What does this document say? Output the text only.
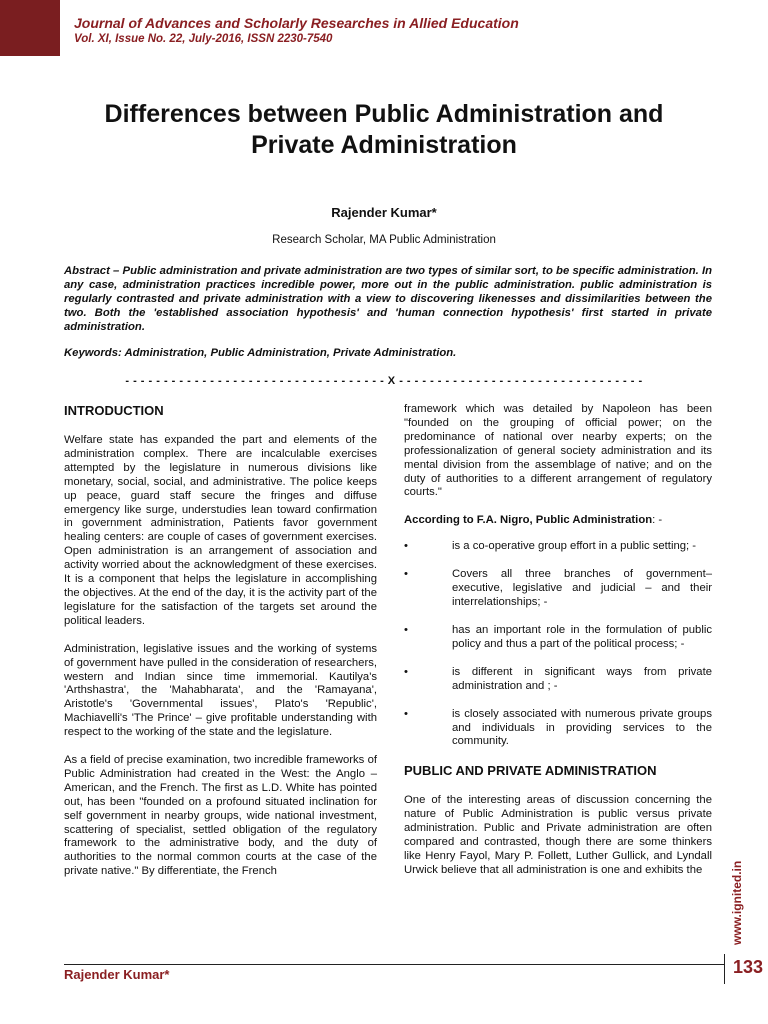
Journal of Advances and Scholarly Researches in Allied Education
Vol. XI, Issue No. 22, July-2016, ISSN 2230-7540
Differences between Public Administration and
Private Administration
Rajender Kumar*
Research Scholar, MA Public Administration

Abstract – Public administration and private administration are two types of similar sort, to be specific administration. In any case, administration practices incredible power, more out in the public administration. public administration is regularly contrasted and private administration with a view to discovering likenesses and dissimilarities between the two. Both the 'established association hypothesis' and 'human connection hypothesis' first started in private administration.

Keywords: Administration, Public Administration, Private Administration.

- - - - - - - - - - - - - - - - - - - - - - - - - - - - - - - - - - X - - - - - - - - - - - - - - - - - - - - - - - - - - - - - - - -
INTRODUCTION

Welfare state has expanded the part and elements of the administration complex. There are incalculable exercises attempted by the legislature in numerous divisions like monetary, social, social, and administrative. The police keeps up peace, guard staff secure the fringes and diffuse emergency like surge, understudies lean toward confirmation in government administration, Patients favor government healing centers: are couple of cases of government exercises. Open administration is an arrangement of association and activity worried about the acknowledgment of these exercises. It is a component that helps the legislature in accomplishing the objectives. At the end of the day, it is the activity part of the legislature for the satisfaction of the targets set around the political leaders.

Administration, legislative issues and the working of systems of government have pulled in the consideration of researchers, western and Indian since time immemorial. Kautilya's 'Arthshastra', the 'Mahabharata', and the 'Ramayana', Aristotle's 'Governmental issues', Plato's 'Republic', Machiavelli's 'The Prince' – give profitable understanding with respect to the working of the state and the legislature.

As a field of precise examination, two incredible frameworks of Public Administration had created in the West: the Anglo – American, and the French. The first as L.D. White has pointed out, has been "founded on a profound situated inclination for self government in nearby groups, wide national investment, scattering of specialist, settled obligation of the regulatory framework to the administrative body, and the duty of authorities to the normal common courts at the case of the private native." By differentiate, the French

framework which was detailed by Napoleon has been "founded on the grouping of official power; on the predominance of national over nearby experts; on the professionalization of general society administration and its mental division from the assemblage of native; and on the duty of authorities to a different arrangement of regulatory courts."

According to F.A. Nigro, Public Administration: -

•	is a co-operative group effort in a public setting; -
•	Covers all three branches of government– executive, legislative and judicial – and their interrelationships; -
•	has an important role in the formulation of public policy and thus a part of the political process; -
•	is different in significant ways from private administration and ; -
•	is closely associated with numerous private groups and individuals in providing services to the community.
PUBLIC AND PRIVATE ADMINISTRATION

One of the interesting areas of discussion concerning the nature of Public Administration is public versus private administration. Public and Private administration are often compared and contrasted, though there are some thinkers like Henry Fayol, Mary P. Follett, Luther Gullick, and Lyndall Urwick believe that all administration is one and exhibits the	www.ignited.in
Rajender Kumar*	133
